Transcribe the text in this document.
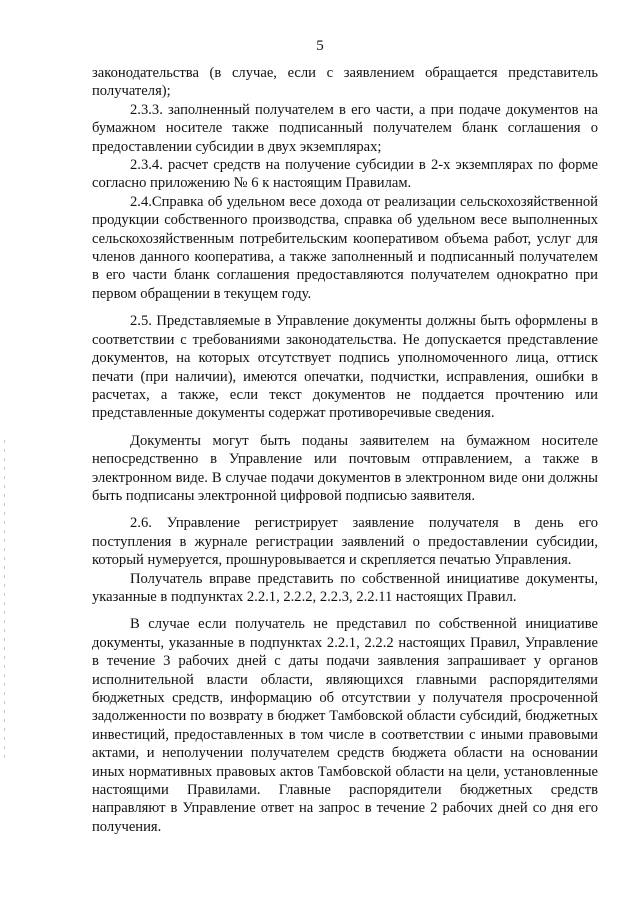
5

законодательства (в случае, если с заявлением обращается представитель получателя);

2.3.3. заполненный получателем в его части, а при подаче документов на бумажном носителе также подписанный получателем бланк соглашения о предоставлении субсидии в двух экземплярах;

2.3.4. расчет средств на получение субсидии в 2-х экземплярах по форме согласно приложению № 6 к настоящим Правилам.

2.4.Справка об удельном весе дохода от реализации сельскохозяйственной продукции собственного производства, справка об удельном весе выполненных сельскохозяйственным потребительским кооперативом объема работ, услуг для членов данного кооператива, а также заполненный и подписанный получателем в его части бланк соглашения предоставляются получателем однократно при первом обращении в текущем году.

2.5. Представляемые в Управление документы должны быть оформлены в соответствии с требованиями законодательства. Не допускается представление документов, на которых отсутствует подпись уполномоченного лица, оттиск печати (при наличии), имеются опечатки, подчистки, исправления, ошибки в расчетах, а также, если текст документов не поддается прочтению или представленные документы содержат противоречивые сведения.

Документы могут быть поданы заявителем на бумажном носителе непосредственно в Управление или почтовым отправлением, а также в электронном виде. В случае подачи документов в электронном виде они должны быть подписаны электронной цифровой подписью заявителя.

2.6. Управление регистрирует заявление получателя в день его поступления в журнале регистрации заявлений о предоставлении субсидии, который нумеруется, прошнуровывается и скрепляется печатью Управления.

Получатель вправе представить по собственной инициативе документы, указанные в подпунктах 2.2.1, 2.2.2, 2.2.3, 2.2.11 настоящих Правил.

В случае если получатель не представил по собственной инициативе документы, указанные в подпунктах 2.2.1, 2.2.2 настоящих Правил, Управление в течение 3 рабочих дней с даты подачи заявления запрашивает у органов исполнительной власти области, являющихся главными распорядителями бюджетных средств, информацию об отсутствии у получателя просроченной задолженности по возврату в бюджет Тамбовской области субсидий, бюджетных инвестиций, предоставленных в том числе в соответствии с иными правовыми актами, и неполучении получателем средств бюджета области на основании иных нормативных правовых актов Тамбовской области на цели, установленные настоящими Правилами. Главные распорядители бюджетных средств направляют в Управление ответ на запрос в течение 2 рабочих дней со дня его получения.
